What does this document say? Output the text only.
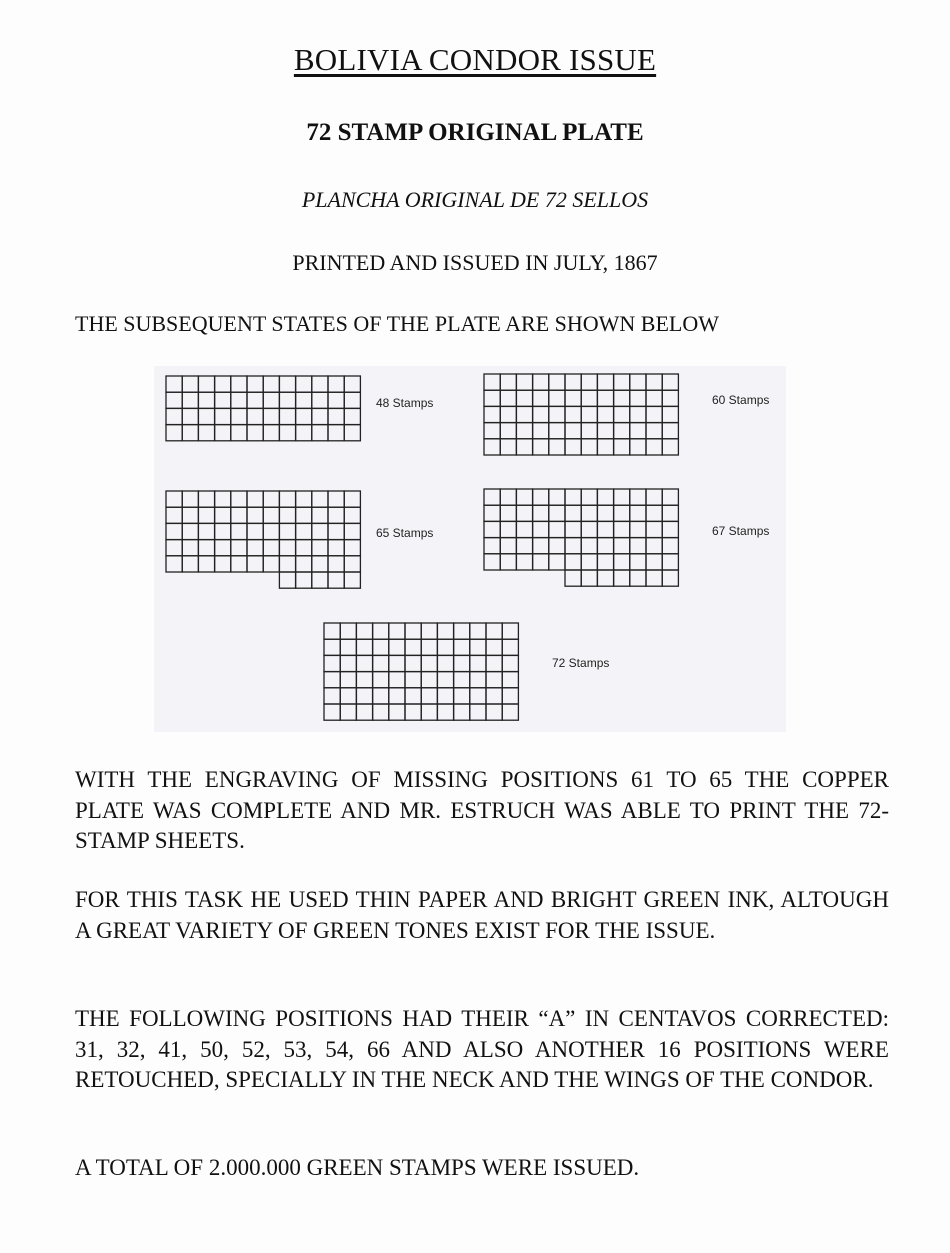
BOLIVIA CONDOR ISSUE
72 STAMP ORIGINAL PLATE
PLANCHA ORIGINAL DE 72 SELLOS
PRINTED AND ISSUED IN JULY, 1867
THE SUBSEQUENT STATES OF THE PLATE ARE SHOWN BELOW
48 Stamps	60 Stamps
65 Stamps	67 Stamps
72 Stamps
WITH THE ENGRAVING OF MISSING POSITIONS 61 TO 65 THE COPPER PLATE WAS COMPLETE AND MR. ESTRUCH WAS ABLE TO PRINT THE 72-STAMP SHEETS.
FOR THIS TASK HE USED THIN PAPER AND BRIGHT GREEN INK, ALTOUGH A GREAT VARIETY OF GREEN TONES EXIST FOR THE ISSUE.
THE FOLLOWING POSITIONS HAD THEIR “A” IN CENTAVOS CORRECTED: 31, 32, 41, 50, 52, 53, 54, 66 AND ALSO ANOTHER 16 POSITIONS WERE RETOUCHED, SPECIALLY IN THE NECK AND THE WINGS OF THE CONDOR.
A TOTAL OF 2.000.000 GREEN STAMPS WERE ISSUED.
